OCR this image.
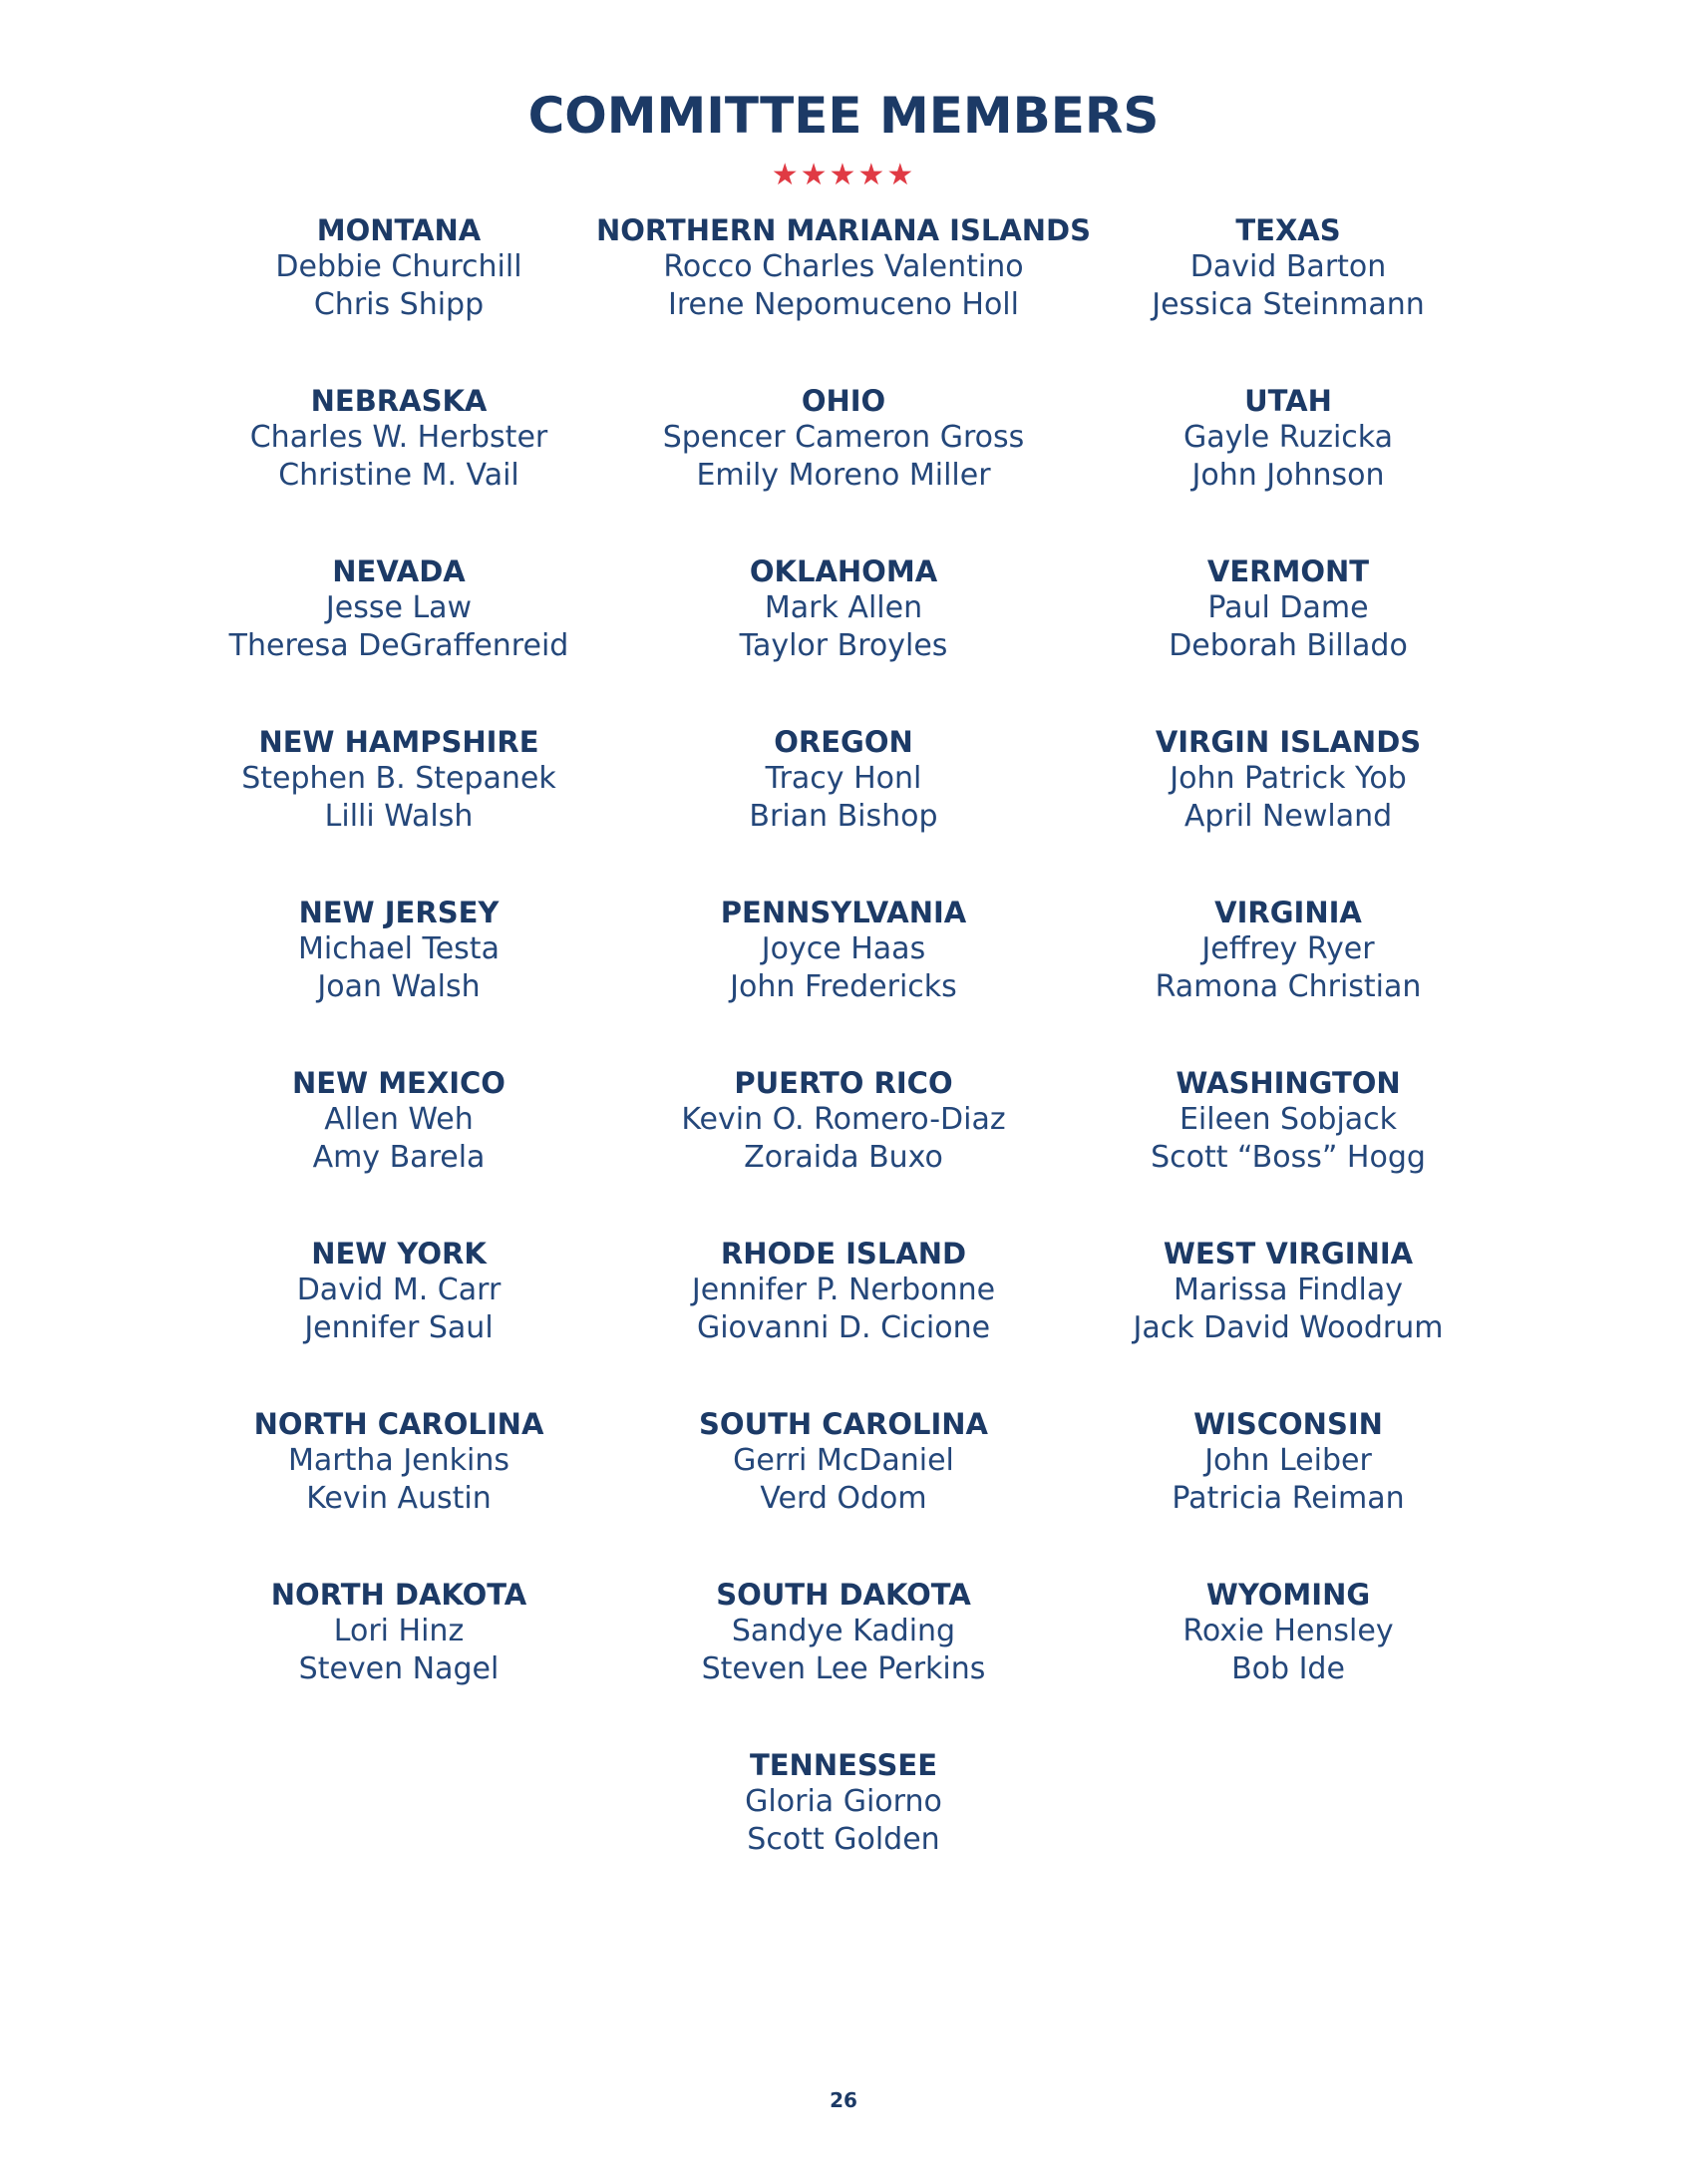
COMMITTEE MEMBERS
★★★★★
MONTANA
Debbie Churchill
Chris Shipp
NEBRASKA
Charles W. Herbster
Christine M. Vail
NEVADA
Jesse Law
Theresa DeGraffenreid
NEW HAMPSHIRE
Stephen B. Stepanek
Lilli Walsh
NEW JERSEY
Michael Testa
Joan Walsh
NEW MEXICO
Allen Weh
Amy Barela
NEW YORK
David M. Carr
Jennifer Saul
NORTH CAROLINA
Martha Jenkins
Kevin Austin
NORTH DAKOTA
Lori Hinz
Steven Nagel
NORTHERN MARIANA ISLANDS
Rocco Charles Valentino
Irene Nepomuceno Holl
OHIO
Spencer Cameron Gross
Emily Moreno Miller
OKLAHOMA
Mark Allen
Taylor Broyles
OREGON
Tracy Honl
Brian Bishop
PENNSYLVANIA
Joyce Haas
John Fredericks
PUERTO RICO
Kevin O. Romero-Diaz
Zoraida Buxo
RHODE ISLAND
Jennifer P. Nerbonne
Giovanni D. Cicione
SOUTH CAROLINA
Gerri McDaniel
Verd Odom
SOUTH DAKOTA
Sandye Kading
Steven Lee Perkins
TENNESSEE
Gloria Giorno
Scott Golden
TEXAS
David Barton
Jessica Steinmann
UTAH
Gayle Ruzicka
John Johnson
VERMONT
Paul Dame
Deborah Billado
VIRGIN ISLANDS
John Patrick Yob
April Newland
VIRGINIA
Jeffrey Ryer
Ramona Christian
WASHINGTON
Eileen Sobjack
Scott “Boss” Hogg
WEST VIRGINIA
Marissa Findlay
Jack David Woodrum
WISCONSIN
John Leiber
Patricia Reiman
WYOMING
Roxie Hensley
Bob Ide
26
